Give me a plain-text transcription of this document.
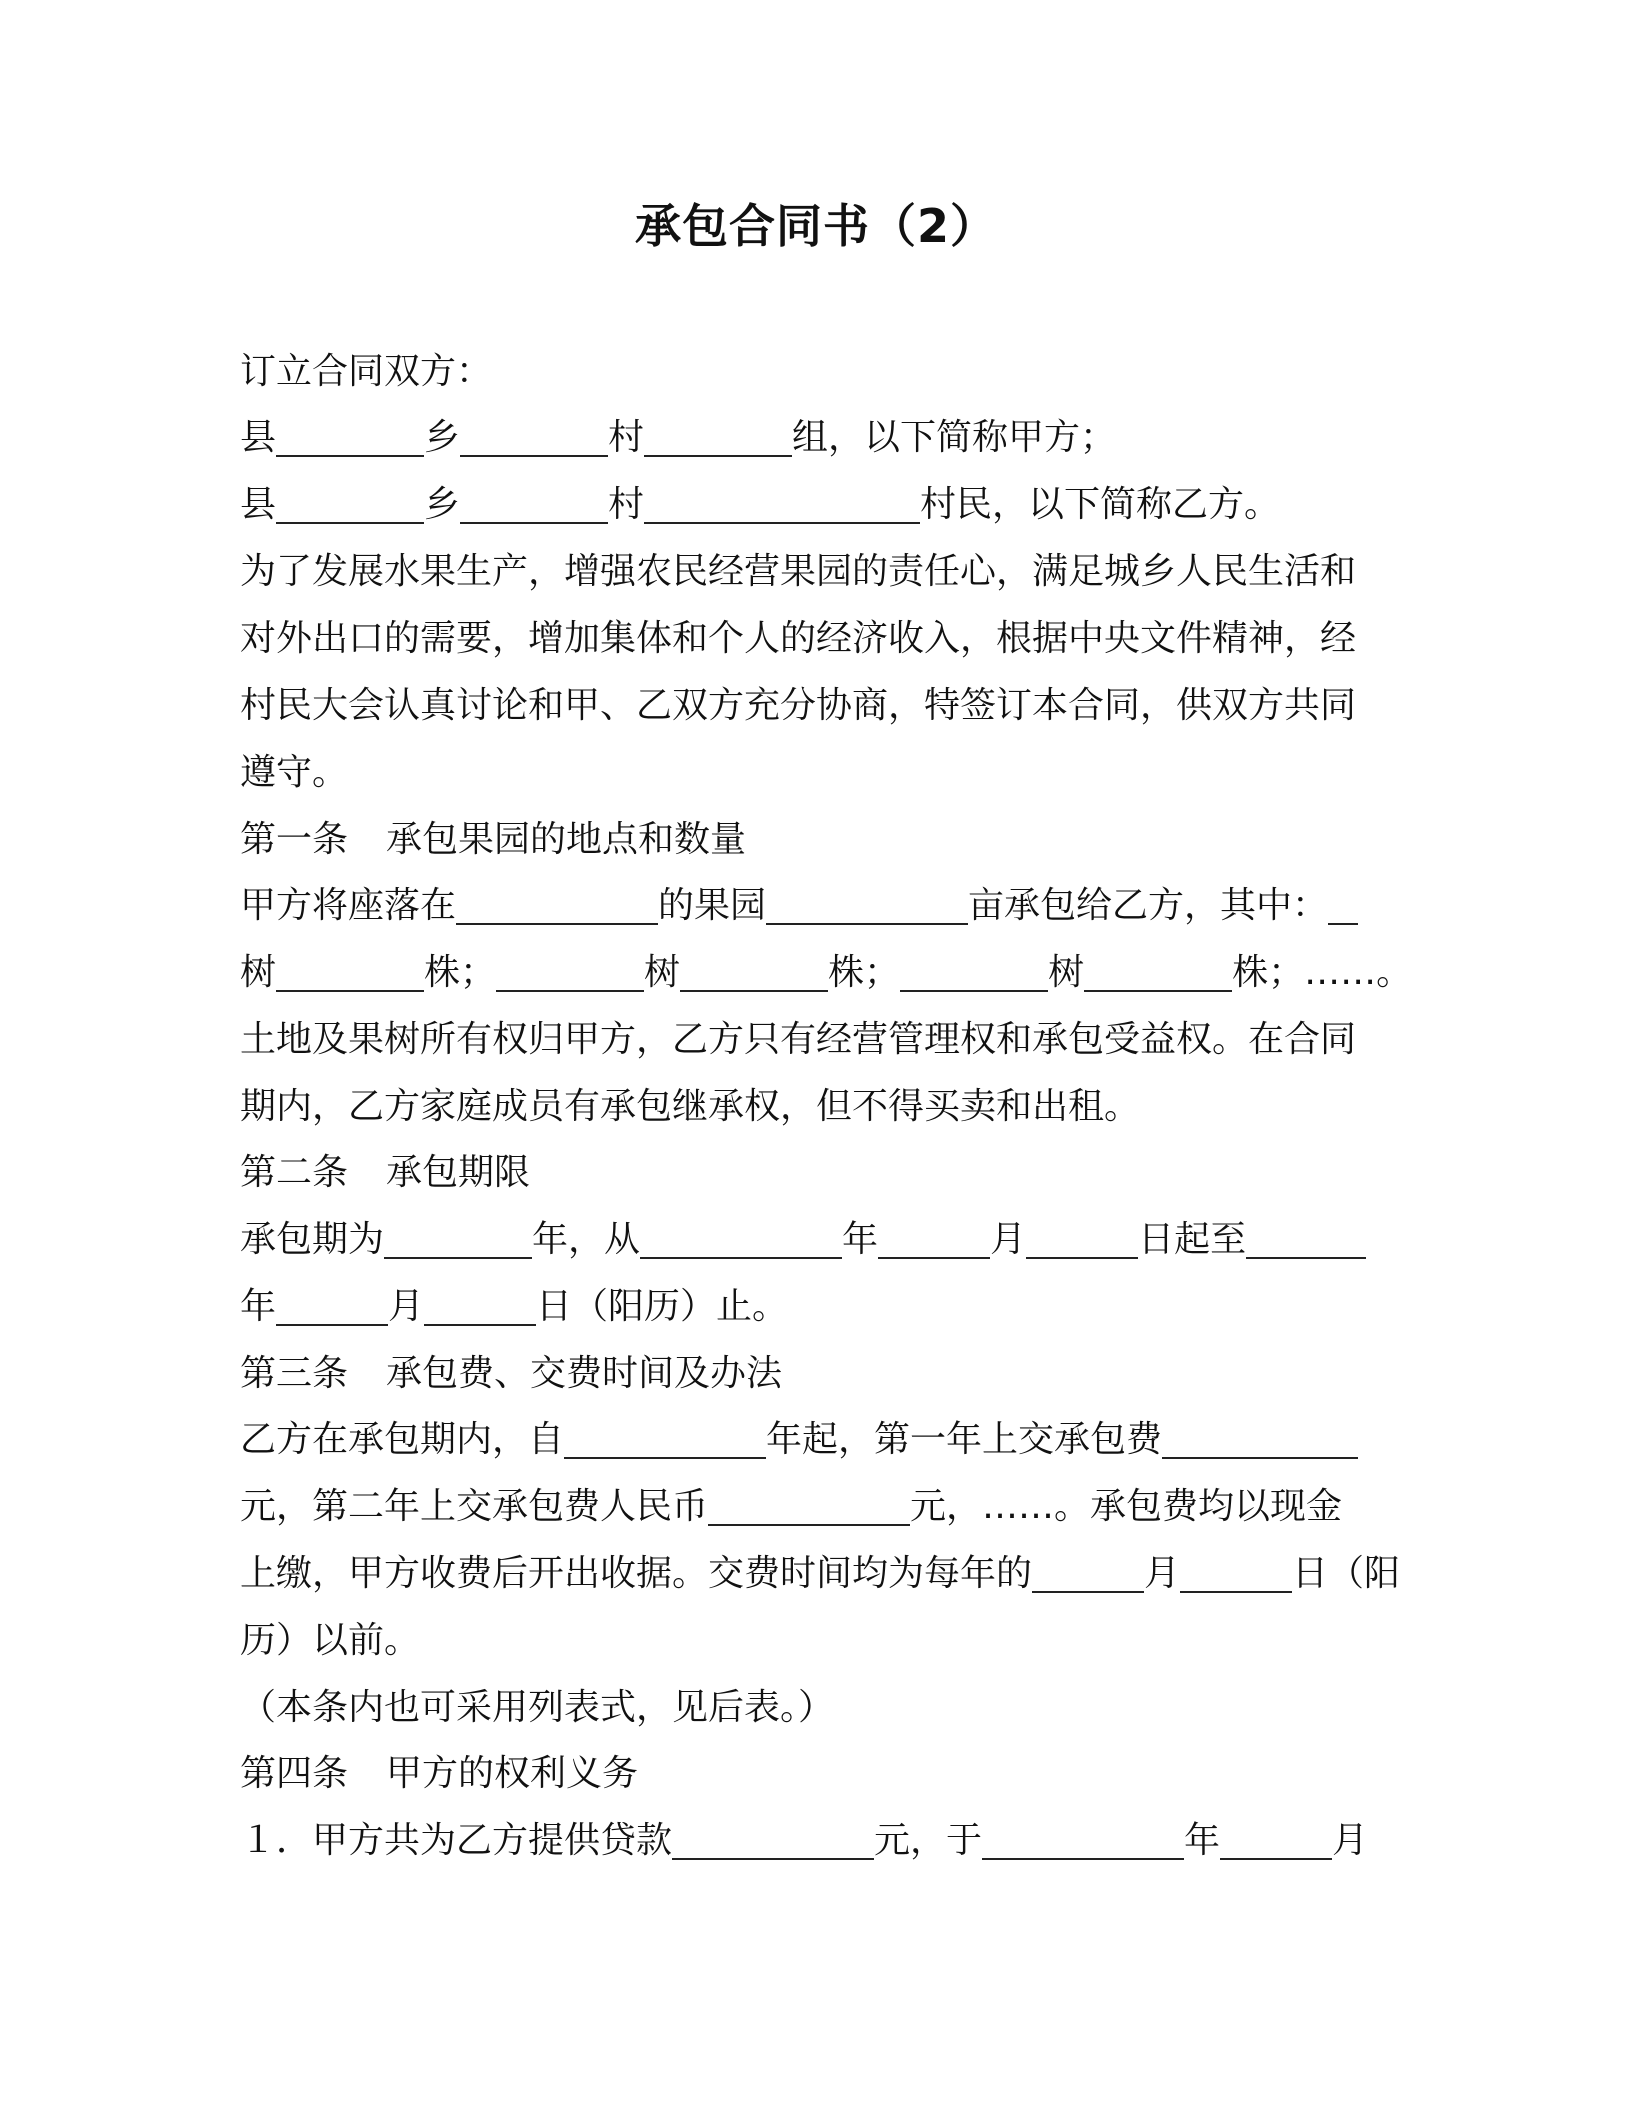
承包合同书（2）
订立合同双方：
县	乡	村	组，以下简称甲方；
县	乡	村	村民，以下简称乙方。
为了发展水果生产，增强农民经营果园的责任心，满足城乡人民生活和
对外出口的需要，增加集体和个人的经济收入，根据中央文件精神，经
村民大会认真讨论和甲、乙双方充分协商，特签订本合同，供双方共同
遵守。
第一条 承包果园的地点和数量
甲方将座落在	的果园	亩承包给乙方，其中：
树	株；	树	株；	树	株；……。
土地及果树所有权归甲方，乙方只有经营管理权和承包受益权。在合同
期内，乙方家庭成员有承包继承权，但不得买卖和出租。
第二条 承包期限
承包期为	年，从	年	月	日起至
年	月	日（阳历）止。
第三条 承包费、交费时间及办法
乙方在承包期内，自	年起，第一年上交承包费
元，第二年上交承包费人民币	元，……。承包费均以现金
上缴，甲方收费后开出收据。交费时间均为每年的	月	日（阳
历）以前。
（本条内也可采用列表式，见后表。）
第四条 甲方的权利义务
１．甲方共为乙方提供贷款	元，于	年	月
